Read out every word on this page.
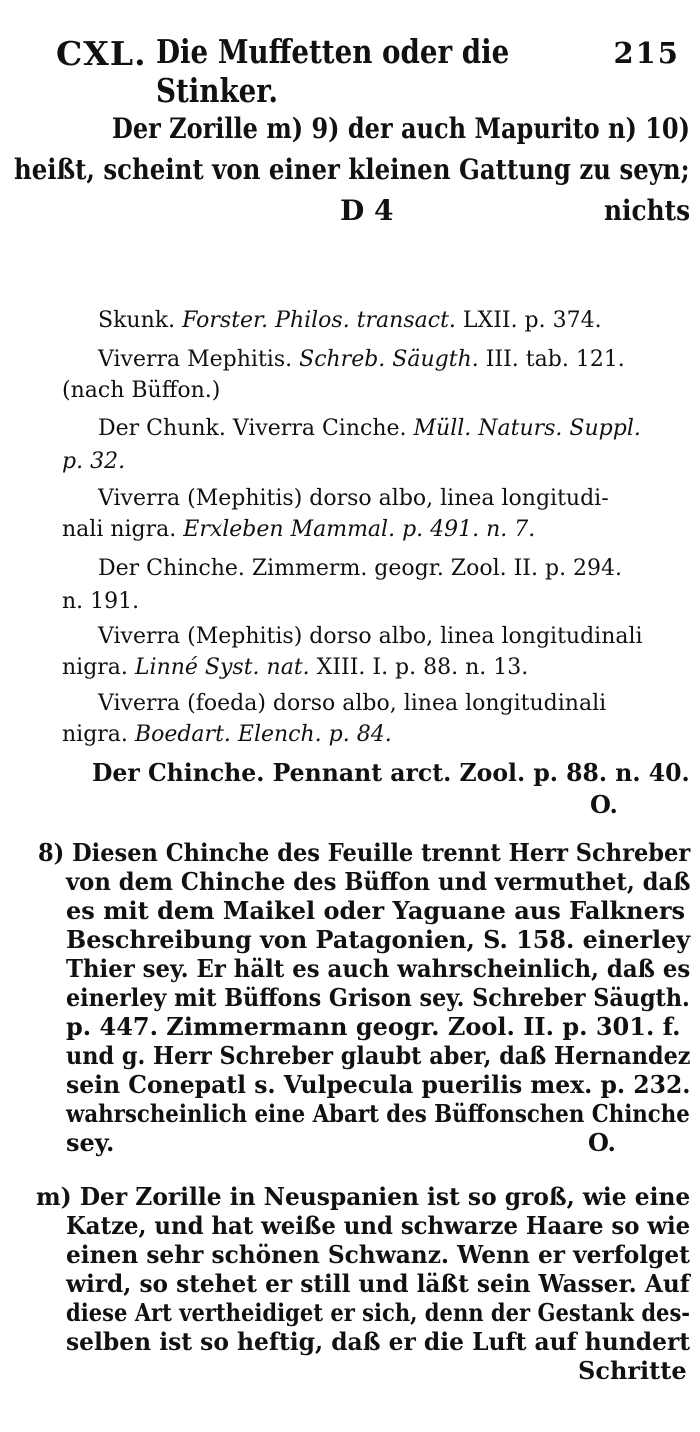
CXL. Die Muffetten oder die Stinker.
215
Der Zorille m) 9) der auch Mapurito n) 10)
heißt, scheint von einer kleinen Gattung zu seyn;
D 4	nichts
Skunk. Forster. Philos. transact. LXII. p. 374.
Viverra Mephitis. Schreb. Säugth. III. tab. 121.
(nach Büffon.)
Der Chunk. Viverra Cinche. Müll. Naturs. Suppl.
p. 32.
Viverra (Mephitis) dorso albo, linea longitudi-
nali nigra. Erxleben Mammal. p. 491. n. 7.
Der Chinche. Zimmerm. geogr. Zool. II. p. 294.
n. 191.
Viverra (Mephitis) dorso albo, linea longitudinali
nigra. Linné Syst. nat. XIII. I. p. 88. n. 13.
Viverra (foeda) dorso albo, linea longitudinali
nigra. Boedart. Elench. p. 84.
Der Chinche. Pennant arct. Zool. p. 88. n. 40.
O.
8) Diesen Chinche des Feuille trennt Herr Schreber
von dem Chinche des Büffon und vermuthet, daß
es mit dem Maikel oder Yaguane aus Falkners
Beschreibung von Patagonien, S. 158. einerley
Thier sey. Er hält es auch wahrscheinlich, daß es
einerley mit Büffons Grison sey. Schreber Säugth.
p. 447. Zimmermann geogr. Zool. II. p. 301. f.
und g. Herr Schreber glaubt aber, daß Hernandez
sein Conepatl s. Vulpecula puerilis mex. p. 232.
wahrscheinlich eine Abart des Büffonschen Chinche
sey.	O.
m) Der Zorille in Neuspanien ist so groß, wie eine
Katze, und hat weiße und schwarze Haare so wie
einen sehr schönen Schwanz. Wenn er verfolget
wird, so stehet er still und läßt sein Wasser. Auf
diese Art vertheidiget er sich, denn der Gestank des-
selben ist so heftig, daß er die Luft auf hundert
Schritte
